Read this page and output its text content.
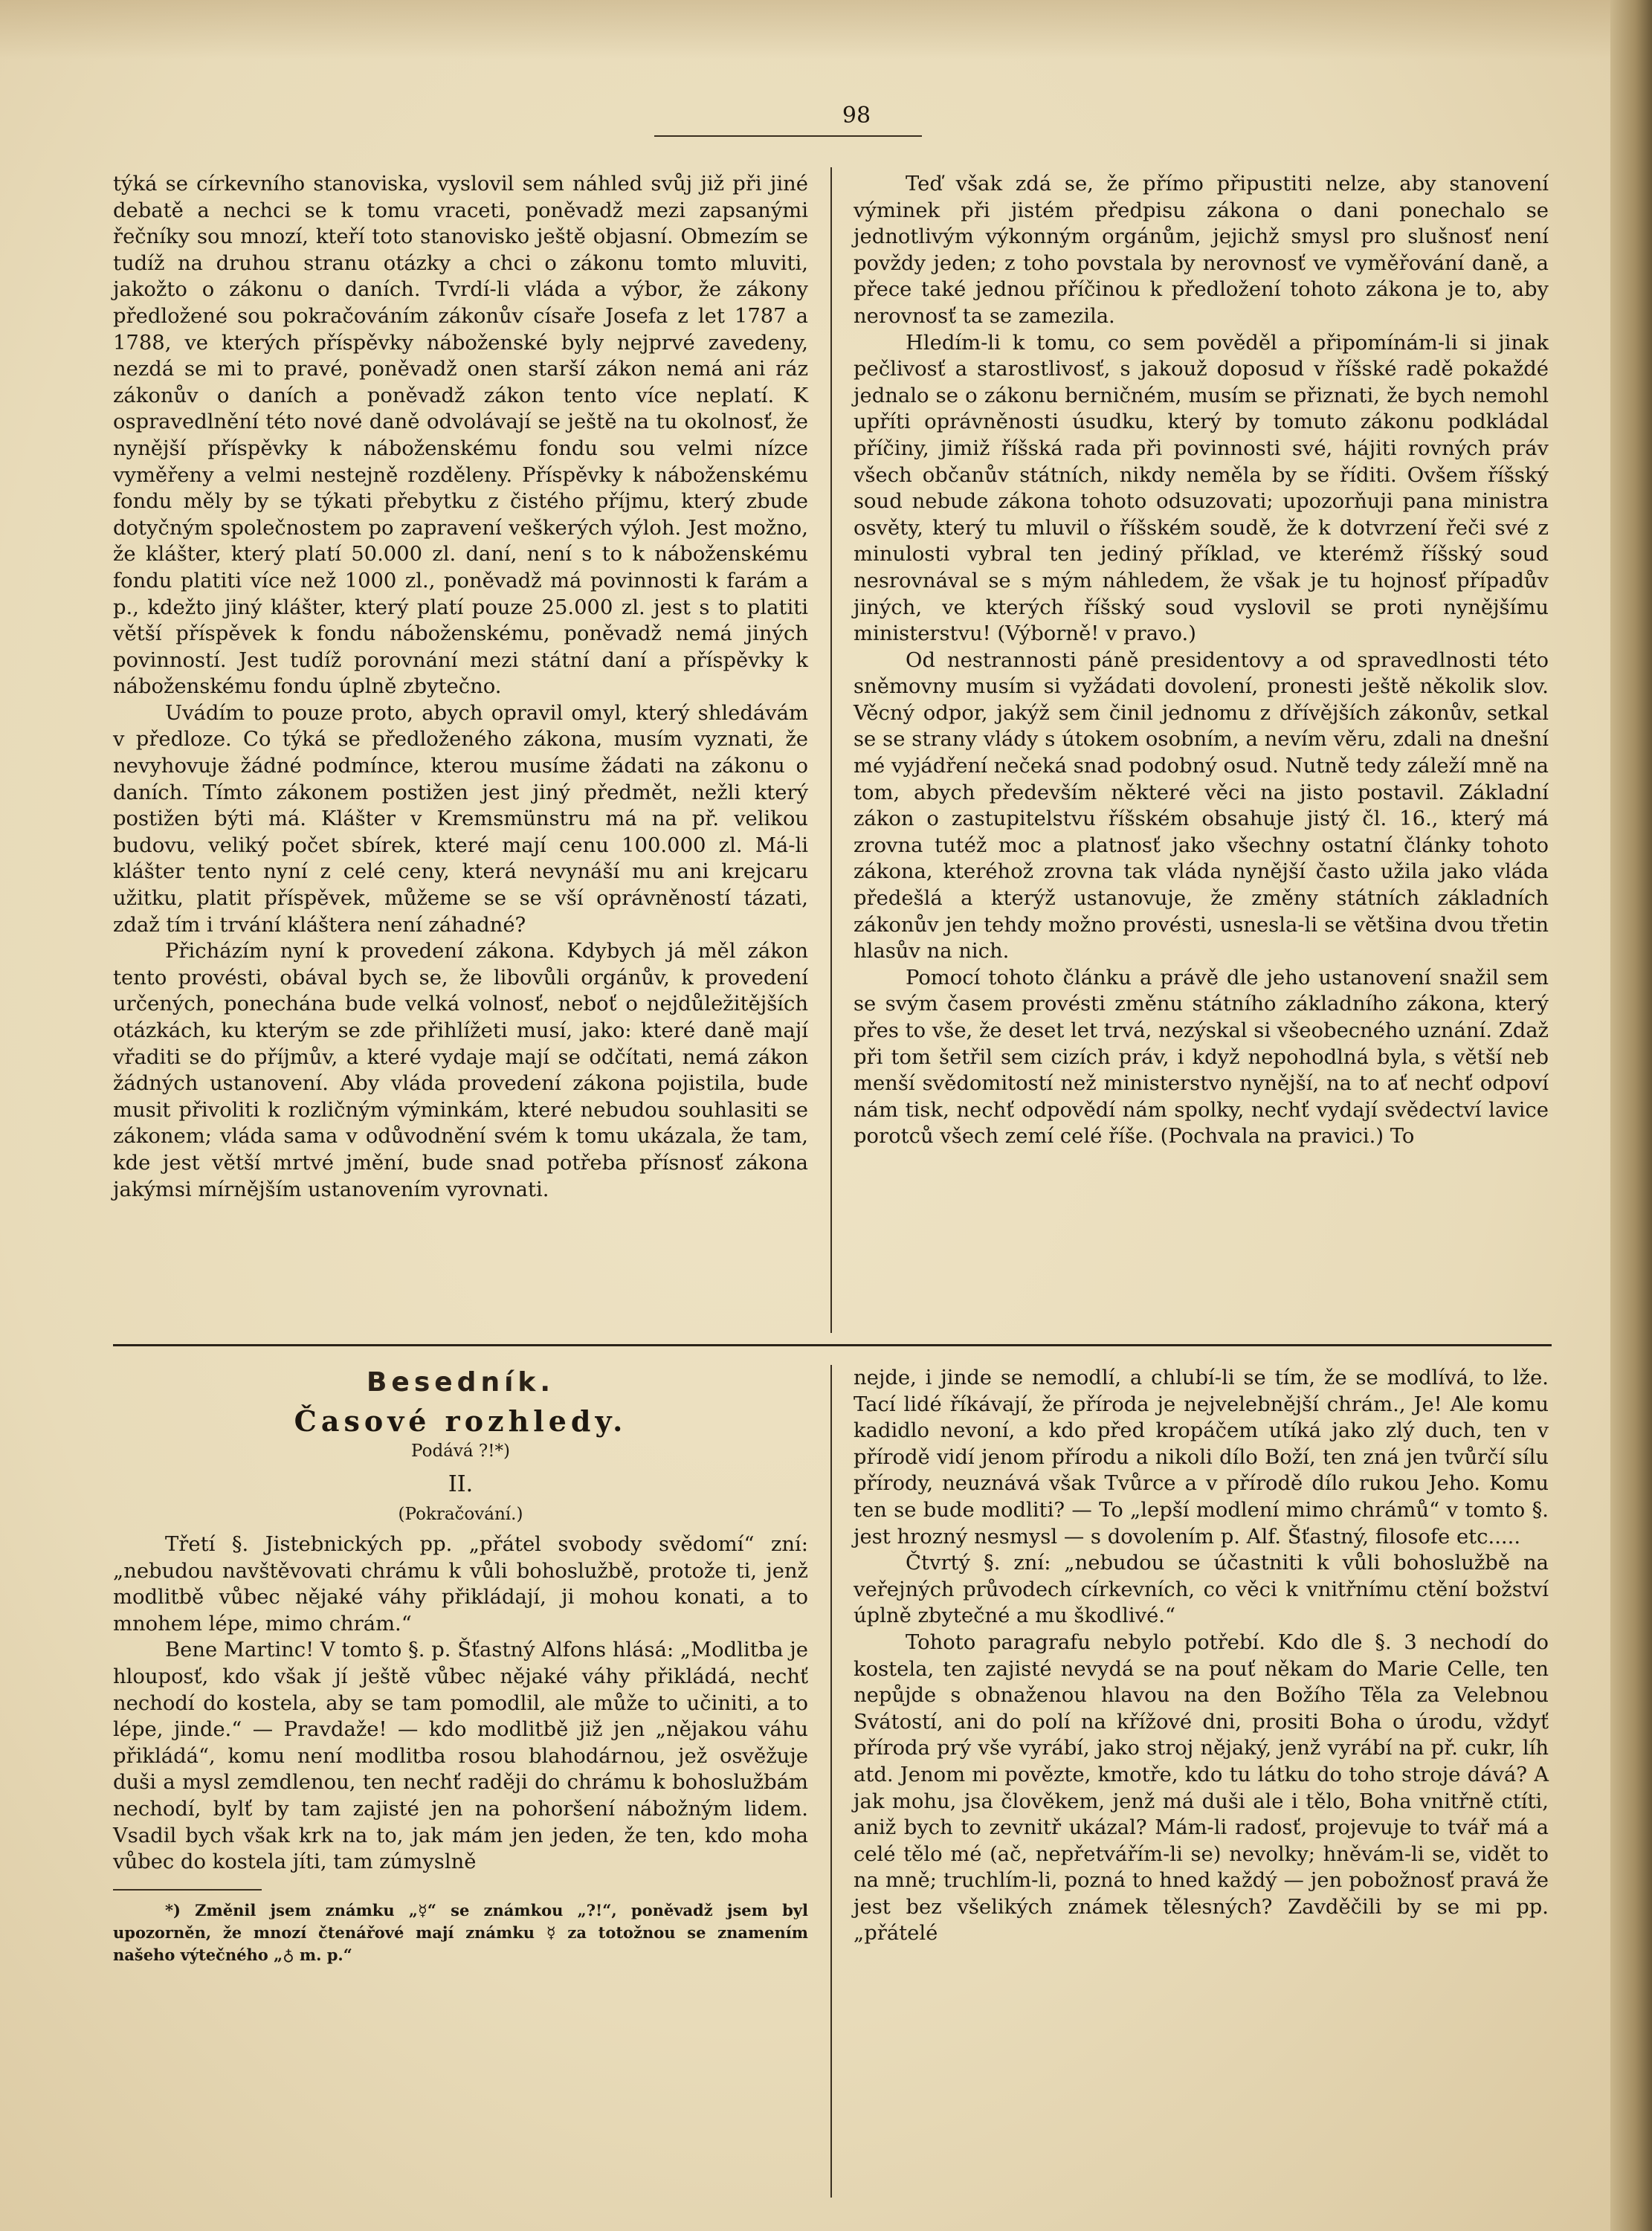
98

týká se církevního stanoviska, vyslovil sem náhled svůj již při jiné debatě a nechci se k tomu vraceti, poněvadž mezi zapsanými řečníky sou mnozí, kteří toto stanovisko ještě objasní. Obmezím se tudíž na druhou stranu otázky a chci o zákonu tomto mluviti, jakožto o zákonu o daních. Tvrdí-li vláda a výbor, že zákony předložené sou pokračováním zákonův císaře Josefa z let 1787 a 1788, ve kterých příspěvky náboženské byly nejprvé zavedeny, nezdá se mi to pravé, poněvadž onen starší zákon nemá ani ráz zákonův o daních a poněvadž zákon tento více neplatí. K ospravedlnění této nové daně odvolávají se ještě na tu okolnosť, že nynější příspěvky k náboženskému fondu sou velmi nízce vyměřeny a velmi nestejně rozděleny. Příspěvky k náboženskému fondu měly by se týkati přebytku z čistého příjmu, který zbude dotyčným společnostem po zapravení veškerých výloh. Jest možno, že klášter, který platí 50.000 zl. daní, není s to k náboženskému fondu platiti více než 1000 zl., poněvadž má povinnosti k farám a p., kdežto jiný klášter, který platí pouze 25.000 zl. jest s to platiti větší příspěvek k fondu náboženskému, poněvadž nemá jiných povinností. Jest tudíž porovnání mezi státní daní a příspěvky k náboženskému fondu úplně zbytečno.

Uvádím to pouze proto, abych opravil omyl, který shledávám v předloze. Co týká se předloženého zákona, musím vyznati, že nevyhovuje žádné podmínce, kterou musíme žádati na zákonu o daních. Tímto zákonem postižen jest jiný předmět, nežli který postižen býti má. Klášter v Kremsmünstru má na př. velikou budovu, veliký počet sbírek, které mají cenu 100.000 zl. Má-li klášter tento nyní z celé ceny, která nevynáší mu ani krejcaru užitku, platit příspěvek, můžeme se se vší oprávněností tázati, zdaž tím i trvání kláštera není záhadné?

Přicházím nyní k provedení zákona. Kdybych já měl zákon tento provésti, obával bych se, že libovůli orgánův, k provedení určených, ponechána bude velká volnosť, neboť o nejdůležitějších otázkách, ku kterým se zde přihlížeti musí, jako: které daně mají vřaditi se do příjmův, a které vydaje mají se odčítati, nemá zákon žádných ustanovení. Aby vláda provedení zákona pojistila, bude musit přivoliti k rozličným výminkám, které nebudou souhlasiti se zákonem; vláda sama v odůvodnění svém k tomu ukázala, že tam, kde jest větší mrtvé jmění, bude snad potřeba přísnosť zákona jakýmsi mírnějším ustanovením vyrovnati.

Teď však zdá se, že přímo připustiti nelze, aby stanovení výminek při jistém předpisu zákona o dani ponechalo se jednotlivým výkonným orgánům, jejichž smysl pro slušnosť není povždy jeden; z toho povstala by nerovnosť ve vyměřování daně, a přece také jednou příčinou k předložení tohoto zákona je to, aby nerovnosť ta se zamezila.

Hledím-li k tomu, co sem pověděl a připomínám-li si jinak pečlivosť a starostlivosť, s jakouž doposud v říšské radě pokaždé jednalo se o zákonu berničném, musím se přiznati, že bych nemohl upříti oprávněnosti úsudku, který by tomuto zákonu podkládal příčiny, jimiž říšská rada při povinnosti své, hájiti rovných práv všech občanův státních, nikdy neměla by se říditi. Ovšem říšský soud nebude zákona tohoto odsuzovati; upozorňuji pana ministra osvěty, který tu mluvil o říšském soudě, že k dotvrzení řeči své z minulosti vybral ten jediný příklad, ve kterémž říšský soud nesrovnával se s mým náhledem, že však je tu hojnosť případův jiných, ve kterých říšský soud vyslovil se proti nynějšímu ministerstvu! (Výborně! v pravo.)

Od nestrannosti páně presidentovy a od spravedlnosti této sněmovny musím si vyžádati dovolení, pronesti ještě několik slov. Věcný odpor, jakýž sem činil jednomu z dřívějších zákonův, setkal se se strany vlády s útokem osobním, a nevím věru, zdali na dnešní mé vyjádření nečeká snad podobný osud. Nutně tedy záleží mně na tom, abych především některé věci na jisto postavil. Základní zákon o zastupitelstvu říšském obsahuje jistý čl. 16., který má zrovna tutéž moc a platnosť jako všechny ostatní články tohoto zákona, kteréhož zrovna tak vláda nynější často užila jako vláda předešlá a kterýž ustanovuje, že změny státních základních zákonův jen tehdy možno provésti, usnesla-li se většina dvou třetin hlasův na nich.

Pomocí tohoto článku a právě dle jeho ustanovení snažil sem se svým časem provésti změnu státního základního zákona, který přes to vše, že deset let trvá, nezýskal si všeobecného uznání. Zdaž při tom šetřil sem cizích práv, i když nepohodlná byla, s větší neb menší svědomitostí než ministerstvo nynější, na to ať nechť odpoví nám tisk, nechť odpovědí nám spolky, nechť vydají svědectví lavice porotců všech zemí celé říše. (Pochvala na pravici.) To

Besedník.
Časové rozhledy.
Podává ?!*)
II.
(Pokračování.)

Třetí §. Jistebnických pp. „přátel svobody svědomí“ zní: „nebudou navštěvovati chrámu k vůli bohoslužbě, protože ti, jenž modlitbě vůbec nějaké váhy přikládají, ji mohou konati, a to mnohem lépe, mimo chrám.“

Bene Martinc! V tomto §. p. Šťastný Alfons hlásá: „Modlitba je hlouposť, kdo však jí ještě vůbec nějaké váhy přikládá, nechť nechodí do kostela, aby se tam pomodlil, ale může to učiniti, a to lépe, jinde.“ — Pravdaže! — kdo modlitbě již jen „nějakou váhu přikládá“, komu není modlitba rosou blahodárnou, jež osvěžuje duši a mysl zemdlenou, ten nechť raději do chrámu k bohoslužbám nechodí, bylť by tam zajisté jen na pohoršení nábožným lidem. Vsadil bych však krk na to, jak mám jen jeden, že ten, kdo moha vůbec do kostela jíti, tam zúmyslně

*) Změnil jsem známku „☿“ se známkou „?!“, poněvadž jsem byl upozorněn, že mnozí čtenářové mají známku ☿ za totožnou se znamením našeho výtečného „♁ m. p.“

nejde, i jinde se nemodlí, a chlubí-li se tím, že se modlívá, to lže. Tací lidé říkávají, že příroda je nejvelebnější chrám., Je! Ale komu kadidlo nevoní, a kdo před kropáčem utíká jako zlý duch, ten v přírodě vidí jenom přírodu a nikoli dílo Boží, ten zná jen tvůrčí sílu přírody, neuznává však Tvůrce a v přírodě dílo rukou Jeho. Komu ten se bude modliti? — To „lepší modlení mimo chrámů“ v tomto §. jest hrozný nesmysl — s dovolením p. Alf. Šťastný, filosofe etc.....

Čtvrtý §. zní: „nebudou se účastniti k vůli bohoslužbě na veřejných průvodech církevních, co věci k vnitřnímu ctění božství úplně zbytečné a mu škodlivé.“

Tohoto paragrafu nebylo potřebí. Kdo dle §. 3 nechodí do kostela, ten zajisté nevydá se na pouť někam do Marie Celle, ten nepůjde s obnaženou hlavou na den Božího Těla za Velebnou Svátostí, ani do polí na křížové dni, prositi Boha o úrodu, vždyť příroda prý vše vyrábí, jako stroj nějaký, jenž vyrábí na př. cukr, líh atd. Jenom mi povězte, kmotře, kdo tu látku do toho stroje dává? A jak mohu, jsa člověkem, jenž má duši ale i tělo, Boha vnitřně ctíti, aniž bych to zevnitř ukázal? Mám-li radosť, projevuje to tvář má a celé tělo mé (ač, nepřetvářím-li se) nevolky; hněvám-li se, vidět to na mně; truchlím-li, pozná to hned každý — jen pobožnosť pravá že jest bez všelikých známek tělesných? Zavděčili by se mi pp. „přátelé
